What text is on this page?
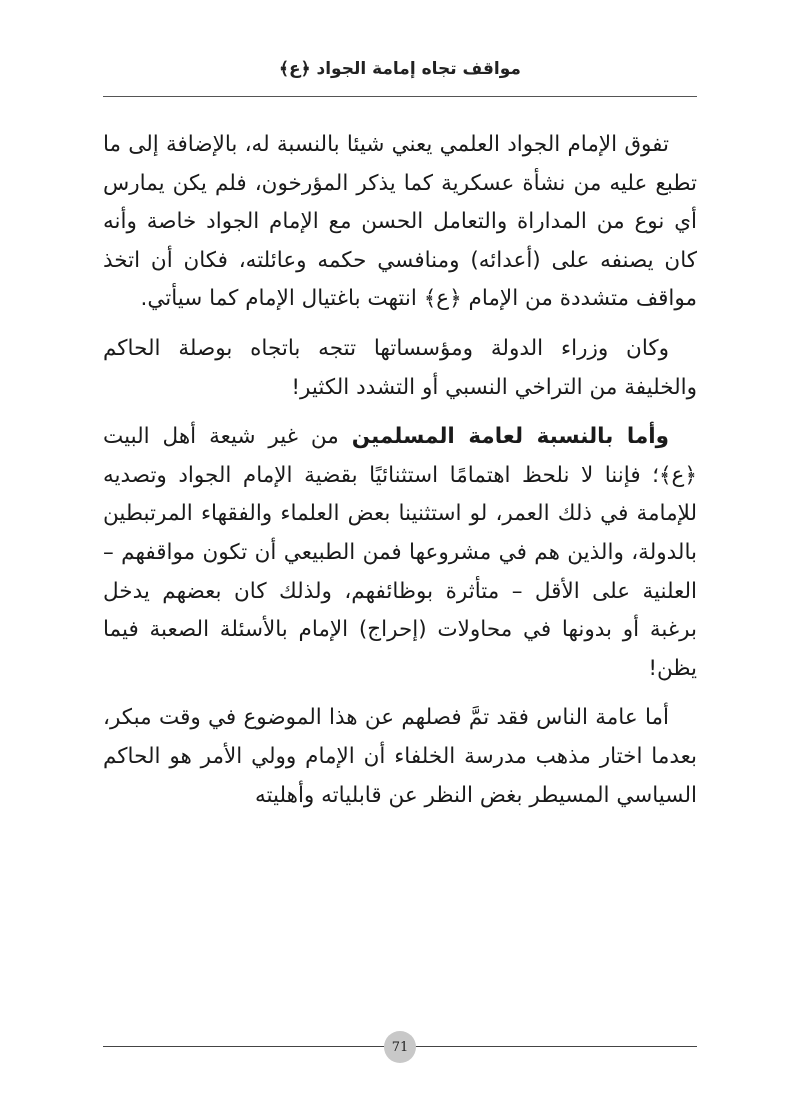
مواقف تجاه إمامة الجواد ﴿ع﴾

تفوق الإمام الجواد العلمي يعني شيئا بالنسبة له، بالإضافة إلى ما تطبع عليه من نشأة عسكرية كما يذكر المؤرخون، فلم يكن يمارس أي نوع من المداراة والتعامل الحسن مع الإمام الجواد خاصة وأنه كان يصنفه على (أعدائه) ومنافسي حكمه وعائلته، فكان أن اتخذ مواقف متشددة من الإمام ﴿ع﴾ انتهت باغتيال الإمام كما سيأتي.

وكان وزراء الدولة ومؤسساتها تتجه باتجاه بوصلة الحاكم والخليفة من التراخي النسبي أو التشدد الكثير!

وأما بالنسبة لعامة المسلمين من غير شيعة أهل البيت ﴿ع﴾؛ فإننا لا نلحظ اهتمامًا استثنائيًا بقضية الإمام الجواد وتصديه للإمامة في ذلك العمر، لو استثنينا بعض العلماء والفقهاء المرتبطين بالدولة، والذين هم في مشروعها فمن الطبيعي أن تكون مواقفهم – العلنية على الأقل – متأثرة بوظائفهم، ولذلك كان بعضهم يدخل برغبة أو بدونها في محاولات (إحراج) الإمام بالأسئلة الصعبة فيما يظن!

أما عامة الناس فقد تمَّ فصلهم عن هذا الموضوع في وقت مبكر، بعدما اختار مذهب مدرسة الخلفاء أن الإمام وولي الأمر هو الحاكم السياسي المسيطر بغض النظر عن قابلياته وأهليته

71
